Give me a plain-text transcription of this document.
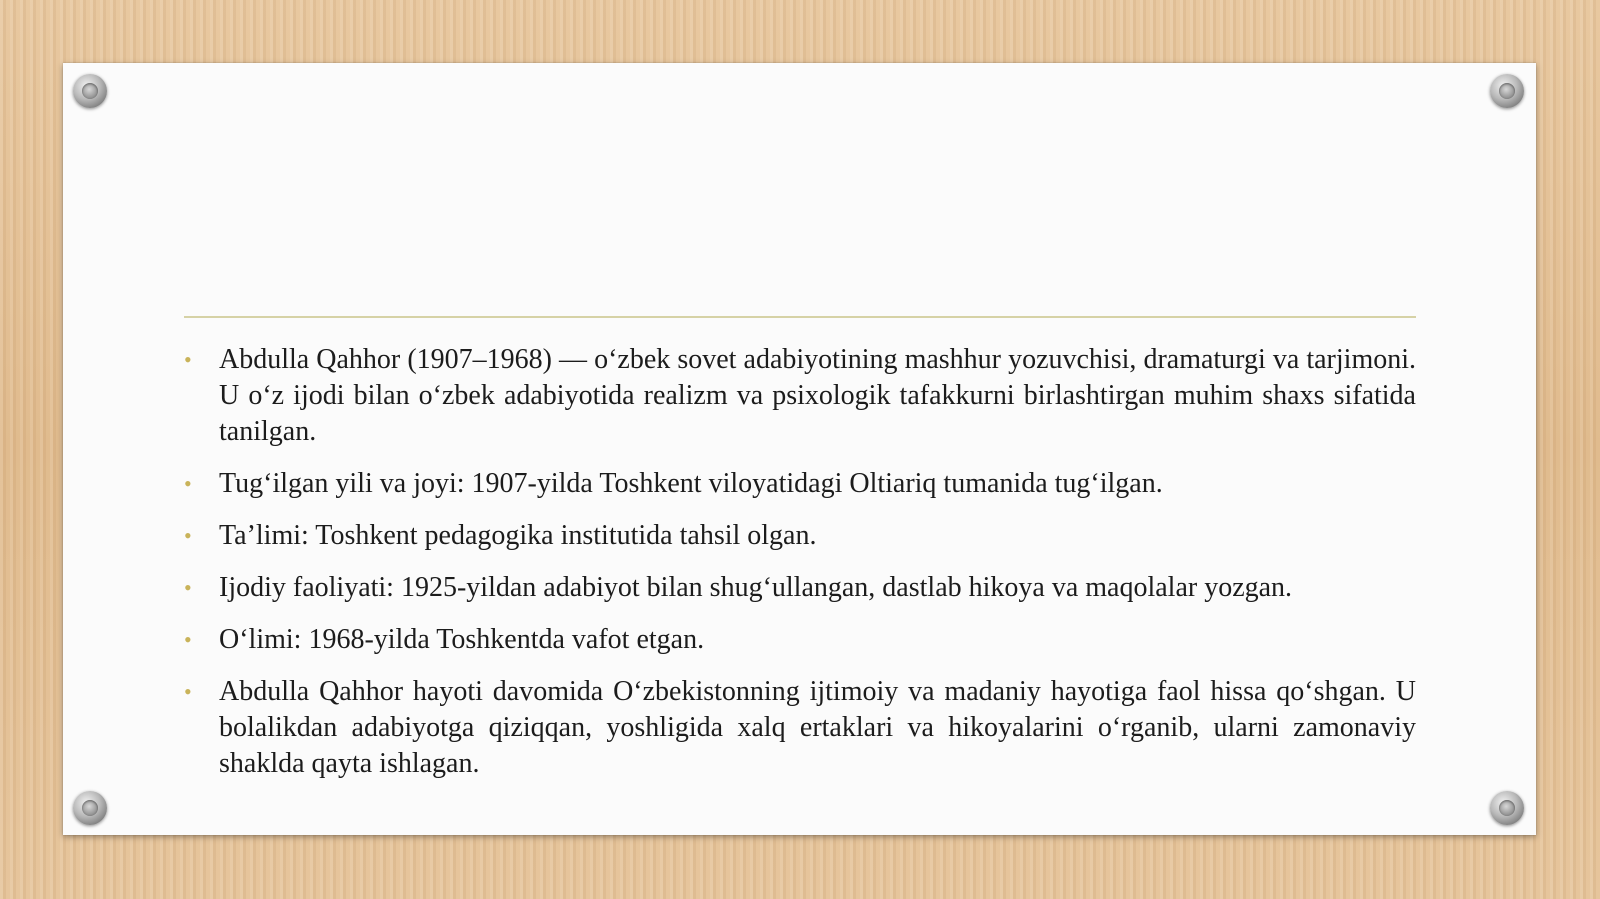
• Abdulla Qahhor (1907–1968) — o‘zbek sovet adabiyotining mashhur yozuvchisi, dramaturgi va tarjimoni. U o‘z ijodi bilan o‘zbek adabiyotida realizm va psixologik tafakkurni birlashtirgan muhim shaxs sifatida tanilgan.
• Tug‘ilgan yili va joyi: 1907-yilda Toshkent viloyatidagi Oltiariq tumanida tug‘ilgan.
• Ta’limi: Toshkent pedagogika institutida tahsil olgan.
• Ijodiy faoliyati: 1925-yildan adabiyot bilan shug‘ullangan, dastlab hikoya va maqolalar yozgan.
• O‘limi: 1968-yilda Toshkentda vafot etgan.
• Abdulla Qahhor hayoti davomida O‘zbekistonning ijtimoiy va madaniy hayotiga faol hissa qo‘shgan. U bolalikdan adabiyotga qiziqqan, yoshligida xalq ertaklari va hikoyalarini o‘rganib, ularni zamonaviy shaklda qayta ishlagan.
